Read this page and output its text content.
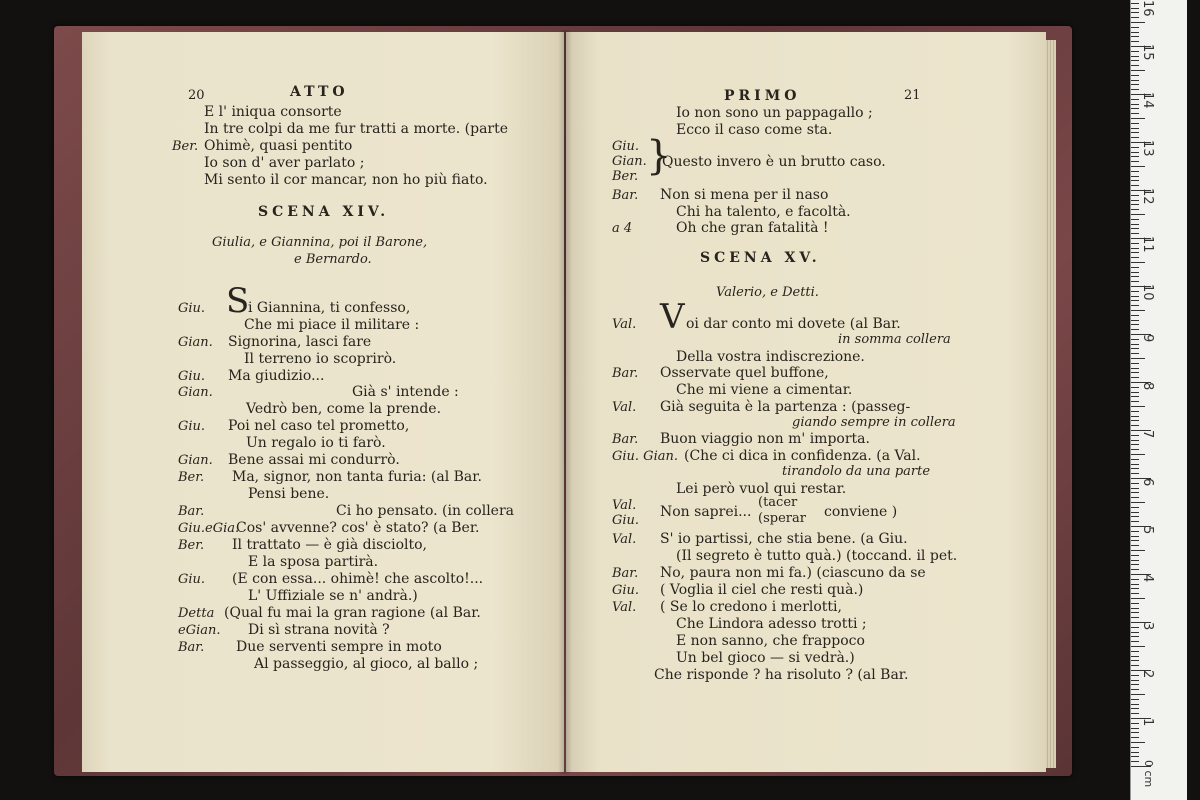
20	ATTO
E l' iniqua consorte
In tre colpi da me fur tratti a morte. (parte
Ber. Ohimè, quasi pentito
Io son d' aver parlato ;
Mi sento il cor mancar, non ho più fiato.
SCENA XIV.
Giulia, e Giannina, poi il Barone,
e Bernardo.
S
Giu.	i Giannina, ti confesso,
Che mi piace il militare :
Gian. Signorina, lasci fare
Il terreno io scoprirò.
Giu. Ma giudizio...
Gian.	Già s' intende :
Vedrò ben, come la prende.
Giu. Poi nel caso tel prometto,
Un regalo io ti farò.
Gian. Bene assai mi condurrò.
Ber. Ma, signor, non tanta furia: (al Bar.
Pensi bene.
Bar.	Ci ho pensato. (in collera
Giu.eGia.
Cos' avvenne? cos' è stato? (a Ber.
Ber. Il trattato — è già disciolto,
E la sposa partirà.
Giu. (E con essa... ohimè! che ascolto!...
L' Uffiziale se n' andrà.)
Detta (Qual fu mai la gran ragione (al Bar.
eGian. Di sì strana novità ?
Bar. Due serventi sempre in moto
Al passeggio, al gioco, al ballo ;
PRIMO	21
Io non sono un pappagallo ;
Ecco il caso come sta.
Giu.
Gian.
Ber. }
Questo invero è un brutto caso.
Bar. Non si mena per il naso
Chi ha talento, e facoltà.
a 4	Oh che gran fatalità !
SCENA XV.
Valerio, e Detti.
V
Val.	oi dar conto mi dovete (al Bar.
in somma collera
Della vostra indiscrezione.
Bar. Osservate quel buffone,
Che mi viene a cimentar.
Val. Già seguita è la partenza : (passeg-
giando sempre in collera
Bar. Buon viaggio non m' importa.
Giu. Gian. (Che ci dica in confidenza. (a Val.
tirandolo da una parte
Lei però vuol qui restar.
Val.
Giu.
Non saprei...
(tacer
(sperar conviene )
Val. S' io partissi, che stia bene. (a Giu.
(Il segreto è tutto quà.) (toccand. il pet.
Bar. No, paura non mi fa.) (ciascuno da se
Giu. ( Voglia il ciel che resti quà.)
Val. ( Se lo credono i merlotti,
Che Lindora adesso trotti ;
E non sanno, che frappoco
Un bel gioco — si vedrà.)
Che risponde ? ha risoluto ? (al Bar.
1
2
3
4
5
6
7
8
9
10
11
12
13
14
15
16
0 cm
